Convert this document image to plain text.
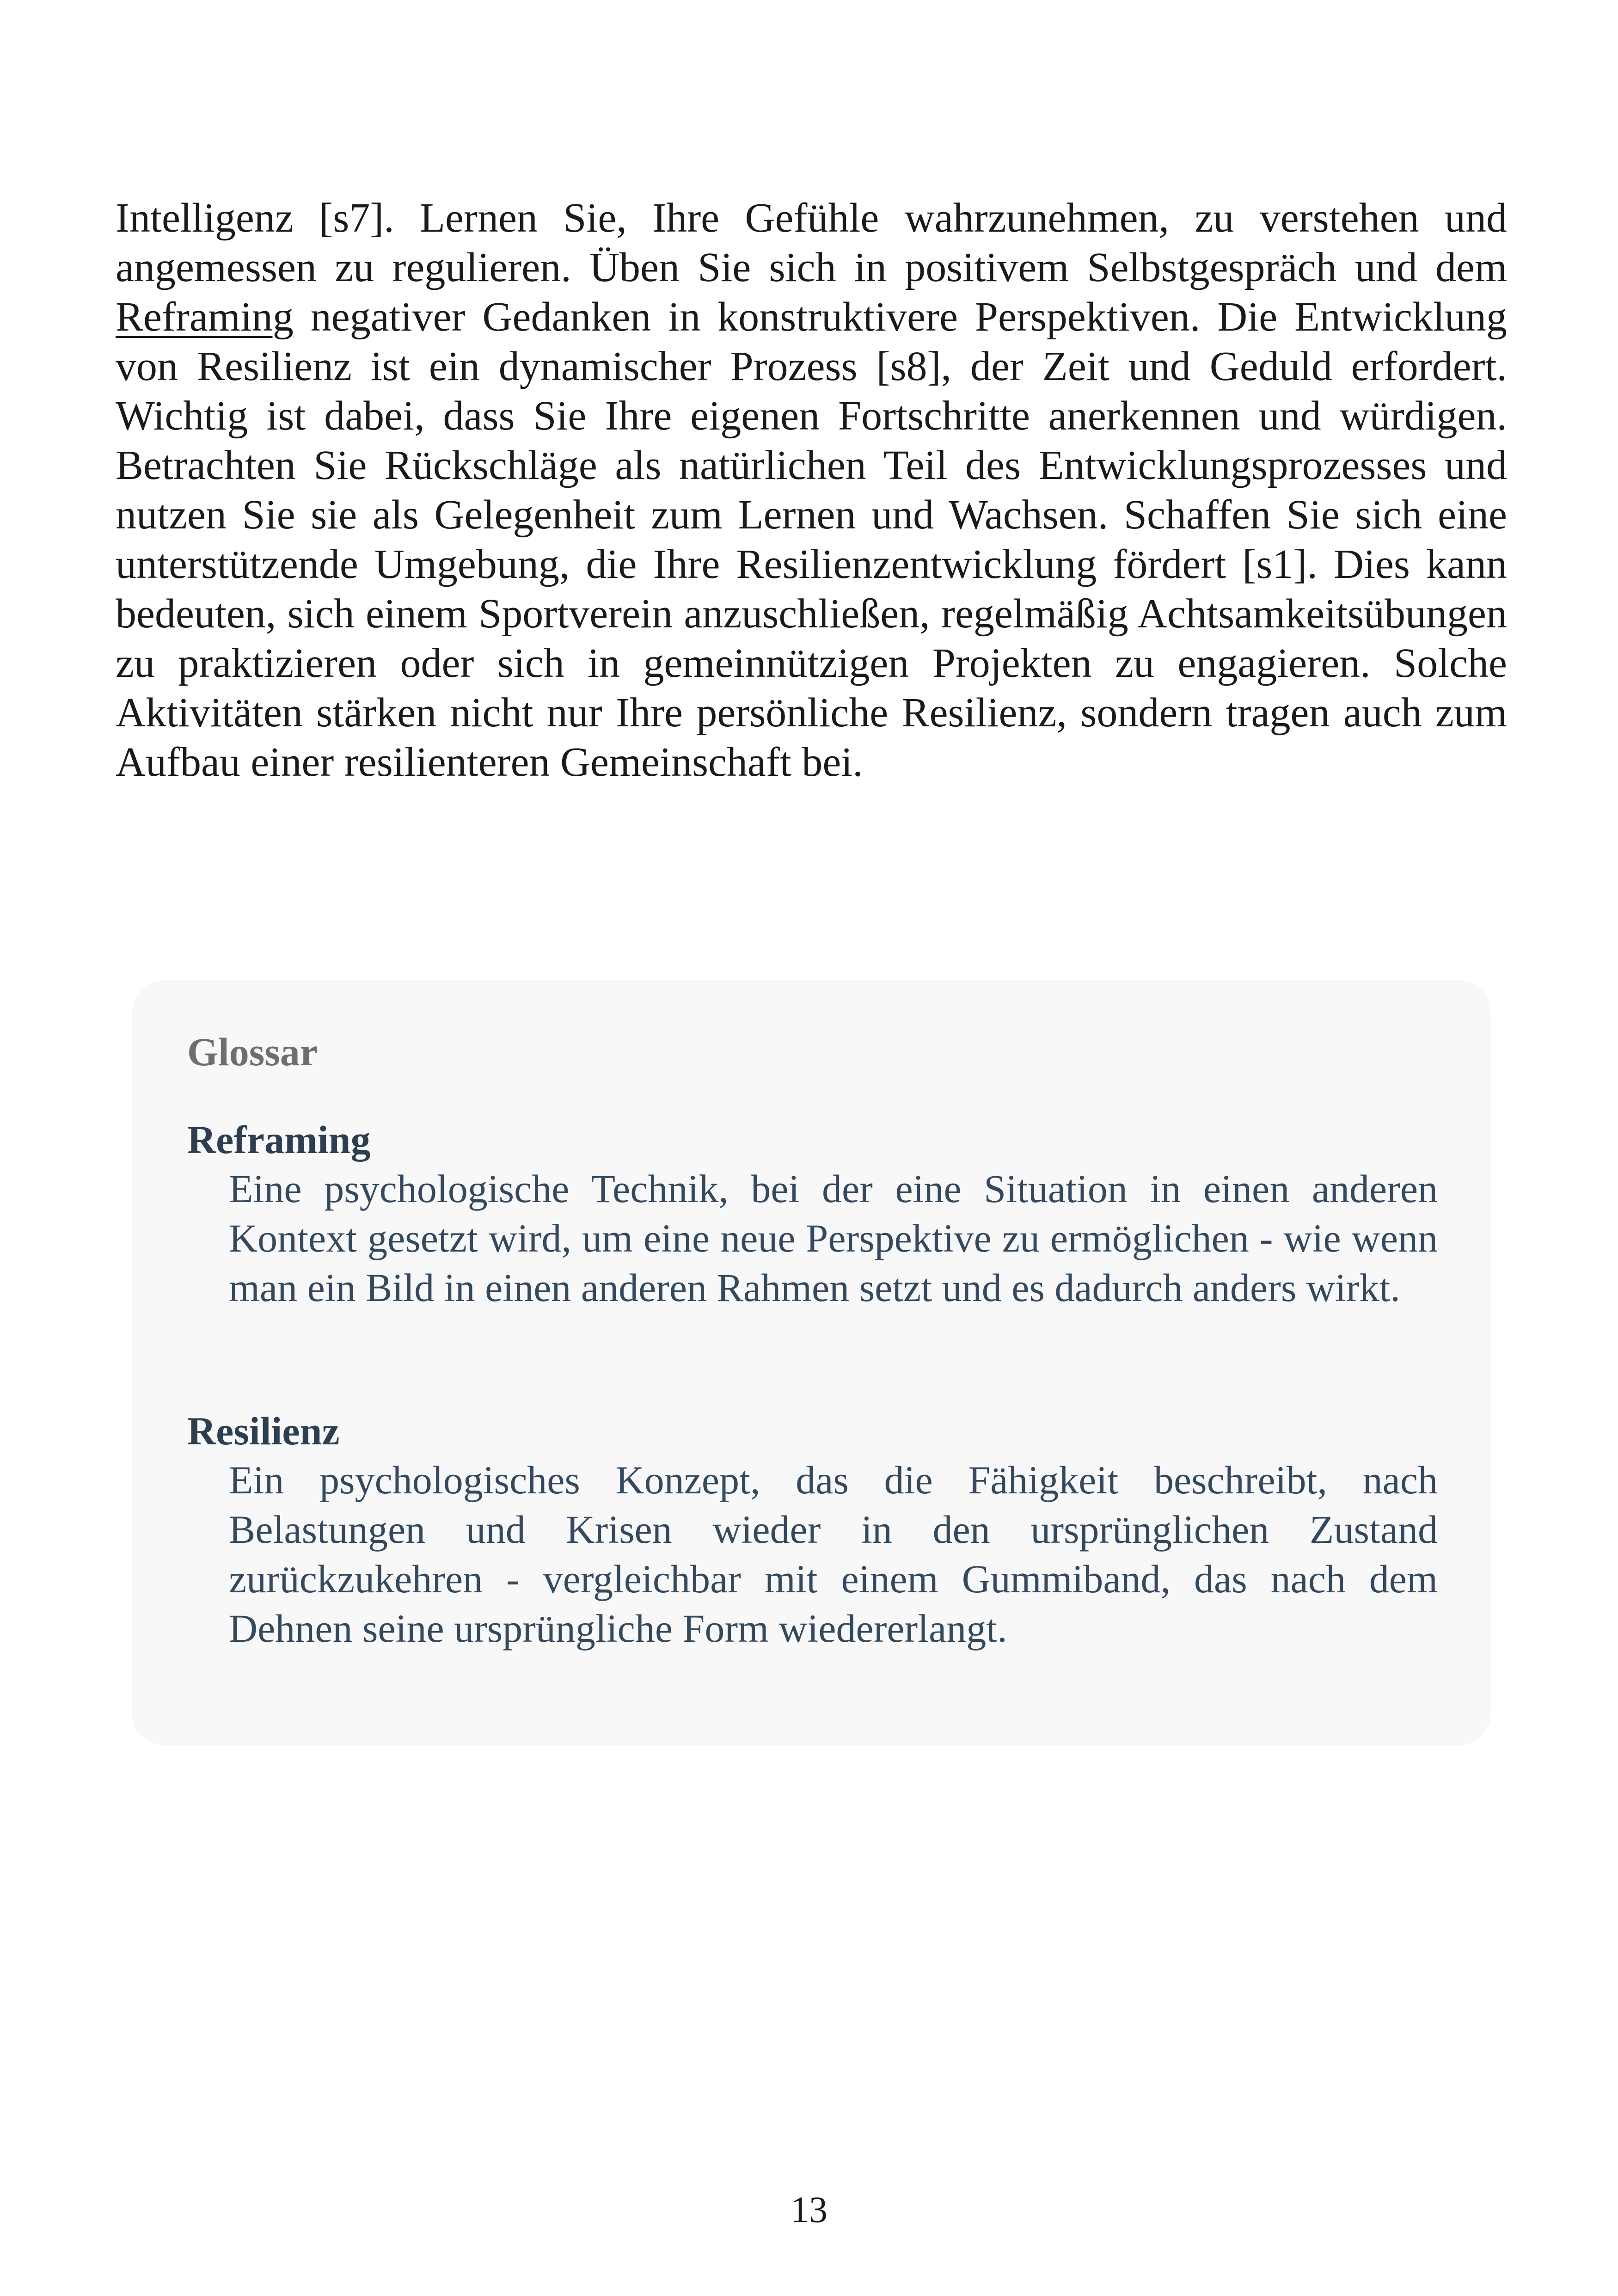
Intelligenz [s7]. Lernen Sie, Ihre Gefühle wahrzunehmen, zu verstehen und angemessen zu regulieren. Üben Sie sich in positivem Selbstgespräch und dem Reframing negativer Gedanken in konstruktivere Perspektiven. Die Entwicklung von Resilienz ist ein dynamischer Prozess [s8], der Zeit und Geduld erfordert. Wichtig ist dabei, dass Sie Ihre eigenen Fortschritte anerkennen und würdigen. Betrachten Sie Rückschläge als natürlichen Teil des Entwicklungsprozesses und nutzen Sie sie als Gelegenheit zum Lernen und Wachsen. Schaffen Sie sich eine unterstützende Umgebung, die Ihre Resilienzentwicklung fördert [s1]. Dies kann bedeuten, sich einem Sportverein anzuschließen, regelmäßig Achtsamkeitsübungen zu praktizieren oder sich in gemeinnützigen Projekten zu engagieren. Solche Aktivitäten stärken nicht nur Ihre persönliche Resilienz, sondern tragen auch zum Aufbau einer resilienteren Gemeinschaft bei.

Glossar

Reframing

Eine psychologische Technik, bei der eine Situation in einen anderen Kontext gesetzt wird, um eine neue Perspektive zu ermöglichen - wie wenn man ein Bild in einen anderen Rahmen setzt und es dadurch anders wirkt.

Resilienz

Ein psychologisches Konzept, das die Fähigkeit beschreibt, nach Belastungen und Krisen wieder in den ursprünglichen Zustand zurückzukehren - vergleichbar mit einem Gummiband, das nach dem Dehnen seine ursprüngliche Form wiedererlangt.

13
